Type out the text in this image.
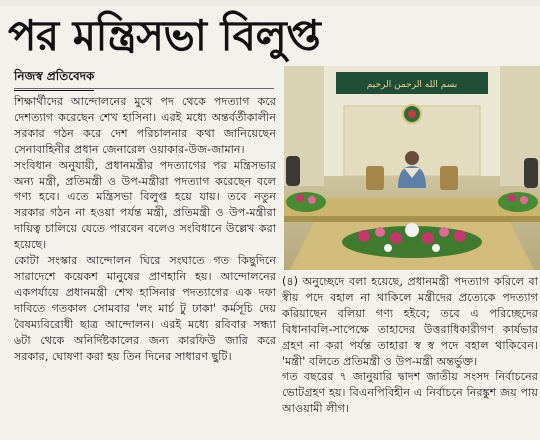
পর মন্ত্রিসভা বিলুপ্ত
নিজস্ব প্রতিবেদক

শিক্ষার্থীদের আন্দোলনের মুখে পদ থেকে পদত্যাগ করে দেশত্যাগ করেছেন শেখ হাসিনা। এরই মধ্যে অন্তর্বর্তীকালীন সরকার গঠন করে দেশ পরিচালনার কথা জানিয়েছেন সেনাবাহিনীর প্রধান জেনারেল ওয়াকার-উজ-জামান।

সংবিধান অনুযায়ী, প্রধানমন্ত্রীর পদত্যাগের পর মন্ত্রিসভার অন্য মন্ত্রী, প্রতিমন্ত্রী ও উপ-মন্ত্রীরা পদত্যাগ করেছেন বলে গণ্য হবে। এতে মন্ত্রিসভা বিলুপ্ত হয়ে যায়। তবে নতুন সরকার গঠন না হওয়া পর্যন্ত মন্ত্রী, প্রতিমন্ত্রী ও উপ-মন্ত্রীরা দায়িত্ব চালিয়ে যেতে পারবেন বলেও সংবিধানে উল্লেখ করা হয়েছে।

কোটা সংস্কার আন্দোলন ঘিরে সংঘাতে গত কিছুদিনে সারাদেশে কয়েকশ মানুষের প্রাণহানি হয়। আন্দোলনের একপর্যায়ে প্রধানমন্ত্রী শেখ হাসিনার পদত্যাগের এক দফা দাবিতে গতকাল সোমবার 'লং মার্চ টু ঢাকা' কর্মসূচি দেয় বৈষম্যবিরোধী ছাত্র আন্দোলন। এরই মধ্যে রবিবার সন্ধ্যা ৬টা থেকে অনির্দিষ্টকালের জন্য কারফিউ জারি করে সরকার, ঘোষণা করা হয় তিন দিনের সাধারণ ছুটি।

بسم الله الرحمن الرحيم

(৪) অনুচ্ছেদে বলা হয়েছে, প্রধানমন্ত্রী পদত্যাগ করিলে বা স্বীয় পদে বহাল না থাকিলে মন্ত্রীদের প্রত্যেকে পদত্যাগ করিয়াছেন বলিয়া গণ্য হইবে; তবে এ পরিচ্ছেদের বিধানাবলি-সাপেক্ষে তাহাদের উত্তরাধিকারীগণ কার্যভার গ্রহণ না করা পর্যন্ত তাহারা স্ব স্ব পদে বহাল থাকিবেন। 'মন্ত্রী' বলিতে প্রতিমন্ত্রী ও উপ-মন্ত্রী অন্তর্ভুক্ত।

গত বছরের ৭ জানুয়ারি দ্বাদশ জাতীয় সংসদ নির্বাচনের ভোটগ্রহণ হয়। বিএনপিবিহীন এ নির্বাচনে নিরঙ্কুশ জয় পায় আওয়ামী লীগ।
